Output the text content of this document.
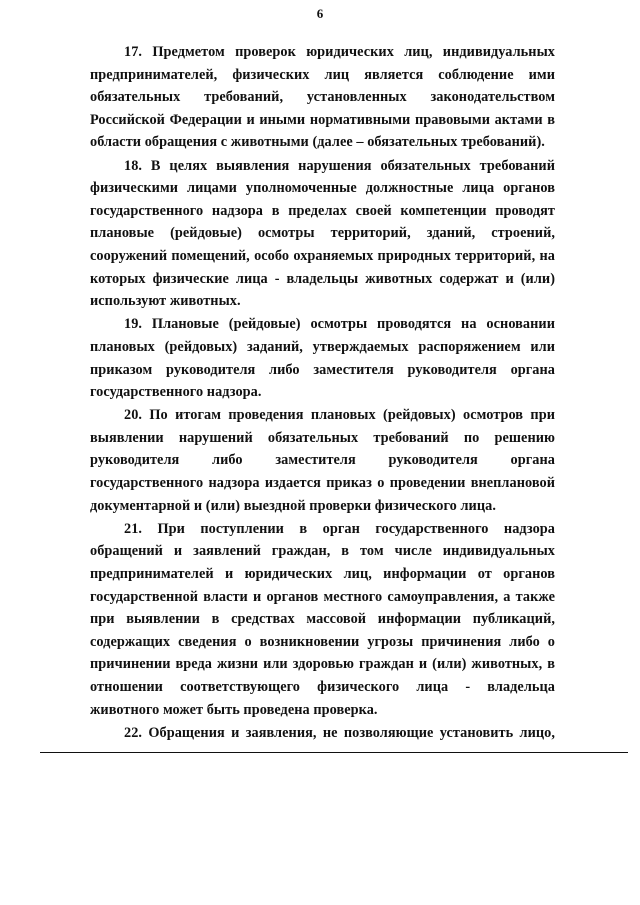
6

17. Предметом проверок юридических лиц, индивидуальных предпринимателей, физических лиц является соблюдение ими обязательных требований, установленных законодательством Российской Федерации и иными нормативными правовыми актами в области обращения с животными (далее – обязательных требований).

18. В целях выявления нарушения обязательных требований физическими лицами уполномоченные должностные лица органов государственного надзора в пределах своей компетенции проводят плановые (рейдовые) осмотры территорий, зданий, строений, сооружений помещений, особо охраняемых природных территорий, на которых физические лица - владельцы животных содержат и (или) используют животных.

19. Плановые (рейдовые) осмотры проводятся на основании плановых (рейдовых) заданий, утверждаемых распоряжением или приказом руководителя либо заместителя руководителя органа государственного надзора.

20. По итогам проведения плановых (рейдовых) осмотров при выявлении нарушений обязательных требований по решению руководителя либо заместителя руководителя органа государственного надзора издается приказ о проведении внеплановой документарной и (или) выездной проверки физического лица.

21. При поступлении в орган государственного надзора обращений и заявлений граждан, в том числе индивидуальных предпринимателей и юридических лиц, информации от органов государственной власти и органов местного самоуправления, а также при выявлении в средствах массовой информации публикаций, содержащих сведения о возникновении угрозы причинения либо о причинении вреда жизни или здоровью граждан и (или) животных, в отношении соответствующего физического лица - владельца животного может быть проведена проверка.

22. Обращения и заявления, не позволяющие установить лицо,
